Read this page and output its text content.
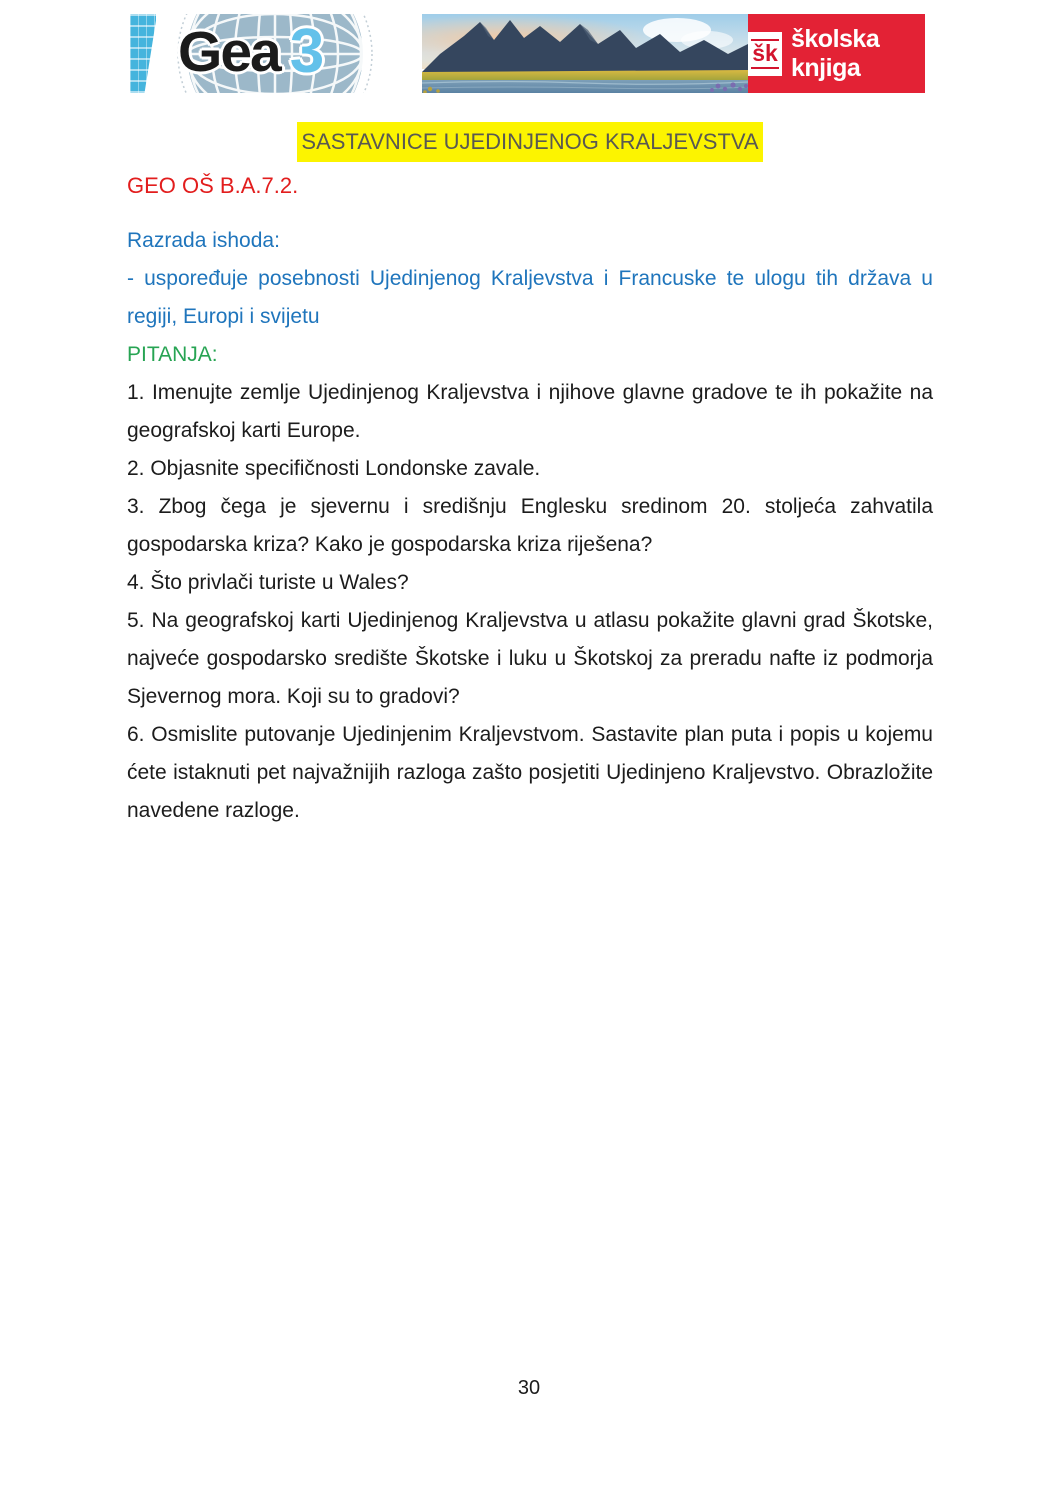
Gea 3	šk školska knjiga

SASTAVNICE UJEDINJENOG KRALJEVSTVA

GEO OŠ B.A.7.2.

Razrada ishoda:

- uspoređuje posebnosti Ujedinjenog Kraljevstva i Francuske te ulogu tih država u regiji, Europi i svijetu

PITANJA:

1. Imenujte zemlje Ujedinjenog Kraljevstva i njihove glavne gradove te ih pokažite na geografskoj karti Europe.

2. Objasnite specifičnosti Londonske zavale.

3. Zbog čega je sjevernu i središnju Englesku sredinom 20. stoljeća zahvatila gospodarska kriza? Kako je gospodarska kriza riješena?

4. Što privlači turiste u Wales?

5. Na geografskoj karti Ujedinjenog Kraljevstva u atlasu pokažite glavni grad Škotske, najveće gospodarsko središte Škotske i luku u Škotskoj za preradu nafte iz podmorja Sjevernog mora. Koji su to gradovi?

6. Osmislite putovanje Ujedinjenim Kraljevstvom. Sastavite plan puta i popis u kojemu ćete istaknuti pet najvažnijih razloga zašto posjetiti Ujedinjeno Kraljevstvo. Obrazložite navedene razloge.

30
